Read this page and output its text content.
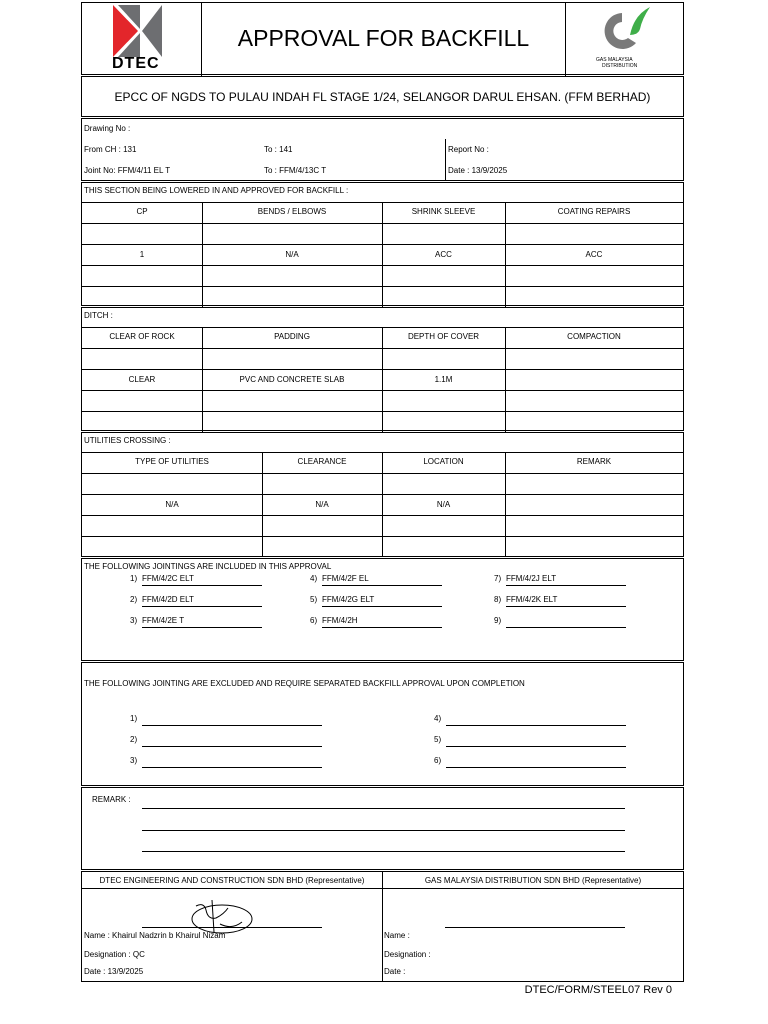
DTEC
APPROVAL FOR BACKFILL
GAS MALAYSIA
DISTRIBUTION
EPCC OF NGDS TO PULAU INDAH FL STAGE 1/24, SELANGOR DARUL EHSAN. (FFM BERHAD)
Drawing No :
From CH : 131	To : 141	Report No :
Joint No: FFM/4/11 EL T	To : FFM/4/13C T	Date : 13/9/2025
THIS SECTION BEING LOWERED IN AND APPROVED FOR BACKFILL :
CP	BENDS / ELBOWS	SHRINK SLEEVE	COATING REPAIRS
1	N/A	ACC	ACC
DITCH :
CLEAR OF ROCK	PADDING	DEPTH OF COVER	COMPACTION
CLEAR	PVC AND CONCRETE SLAB	1.1M
UTILITIES CROSSING :
TYPE OF UTILITIES	CLEARANCE	LOCATION	REMARK
N/A	N/A	N/A
THE FOLLOWING JOINTINGS ARE INCLUDED IN THIS APPROVAL
1) FFM/4/2C ELT
2) FFM/4/2D ELT
3) FFM/4/2E T
4) FFM/4/2F EL
5) FFM/4/2G ELT
6) FFM/4/2H
7) FFM/4/2J ELT
8) FFM/4/2K ELT
9)
THE FOLLOWING JOINTING ARE EXCLUDED AND REQUIRE SEPARATED BACKFILL APPROVAL UPON COMPLETION
1)
2)
3)
4)
5)
6)
REMARK :
DTEC ENGINEERING AND CONSTRUCTION SDN BHD (Representative)	GAS MALAYSIA DISTRIBUTION SDN BHD (Representative)
Name : Khairul Nadzrin b Khairul Nizam
Designation : QC
Date : 13/9/2025
Name :
Designation :
Date :
DTEC/FORM/STEEL07 Rev 0
